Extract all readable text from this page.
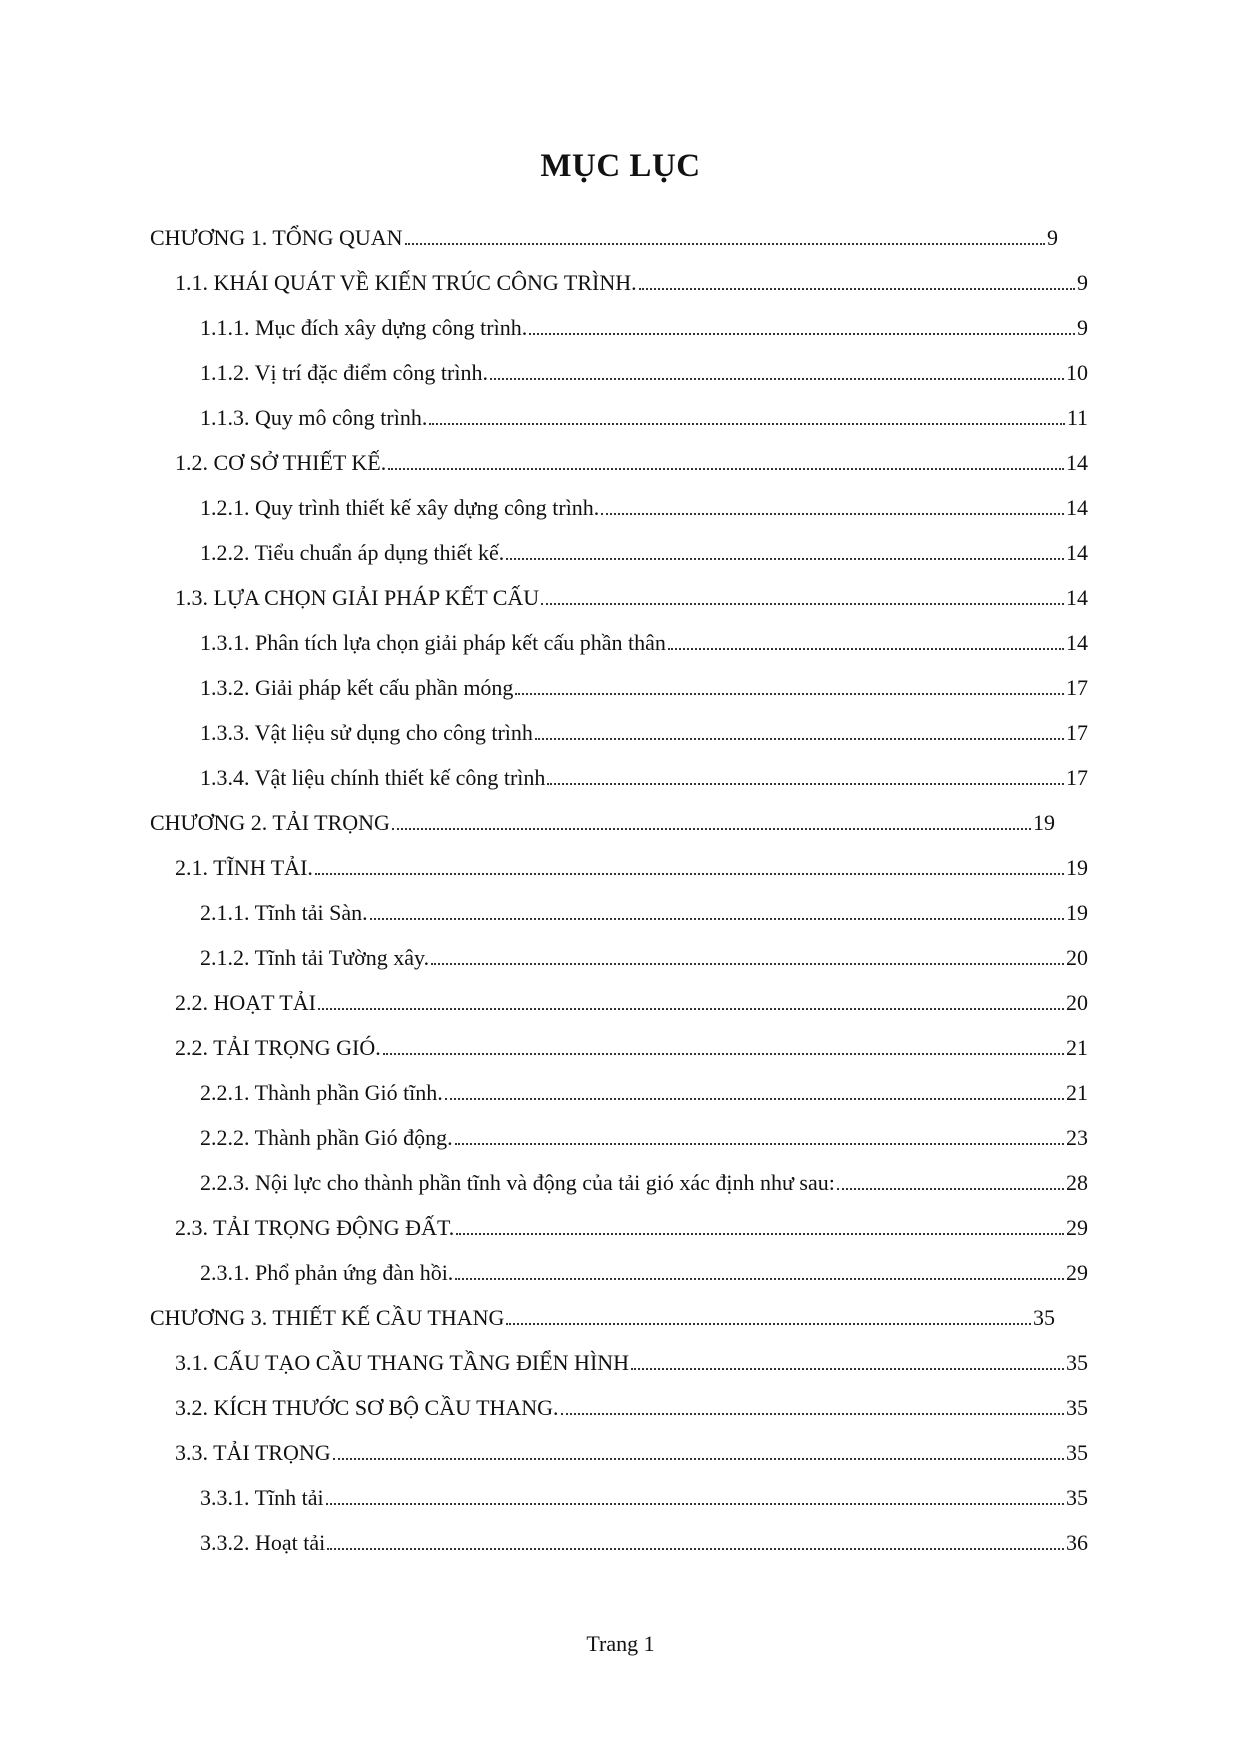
MỤC LỤC
CHƯƠNG 1. TỔNG QUAN	9
1.1. KHÁI QUÁT VỀ KIẾN TRÚC CÔNG TRÌNH.	9
1.1.1. Mục đích xây dựng công trình.	9
1.1.2. Vị trí đặc điểm công trình.	10
1.1.3. Quy mô công trình.	11
1.2. CƠ SỞ THIẾT KẾ.	14
1.2.1. Quy trình thiết kế xây dựng công trình.	14
1.2.2. Tiểu chuẩn áp dụng thiết kế.	14
1.3. LỰA CHỌN GIẢI PHÁP KẾT CẤU	14
1.3.1. Phân tích lựa chọn giải pháp kết cấu phần thân	14
1.3.2. Giải pháp kết cấu phần móng	17
1.3.3. Vật liệu sử dụng cho công trình	17
1.3.4. Vật liệu chính thiết kế công trình	17
CHƯƠNG 2. TẢI TRỌNG	19
2.1. TĨNH TẢI.	19
2.1.1. Tĩnh tải Sàn.	19
2.1.2. Tĩnh tải Tường xây.	20
2.2. HOẠT TẢI	20
2.2. TẢI TRỌNG GIÓ.	21
2.2.1. Thành phần Gió tĩnh.	21
2.2.2. Thành phần Gió động.	23
2.2.3. Nội lực cho thành phần tĩnh và động của tải gió xác định như sau:	28
2.3. TẢI TRỌNG ĐỘNG ĐẤT.	29
2.3.1. Phổ phản ứng đàn hồi.	29
CHƯƠNG 3. THIẾT KẾ CẦU THANG	35
3.1. CẤU TẠO CẦU THANG TẦNG ĐIỂN HÌNH	35
3.2. KÍCH THƯỚC SƠ BỘ CẦU THANG.	35
3.3. TẢI TRỌNG	35
3.3.1. Tĩnh tải	35
3.3.2. Hoạt tải	36
Trang 1
